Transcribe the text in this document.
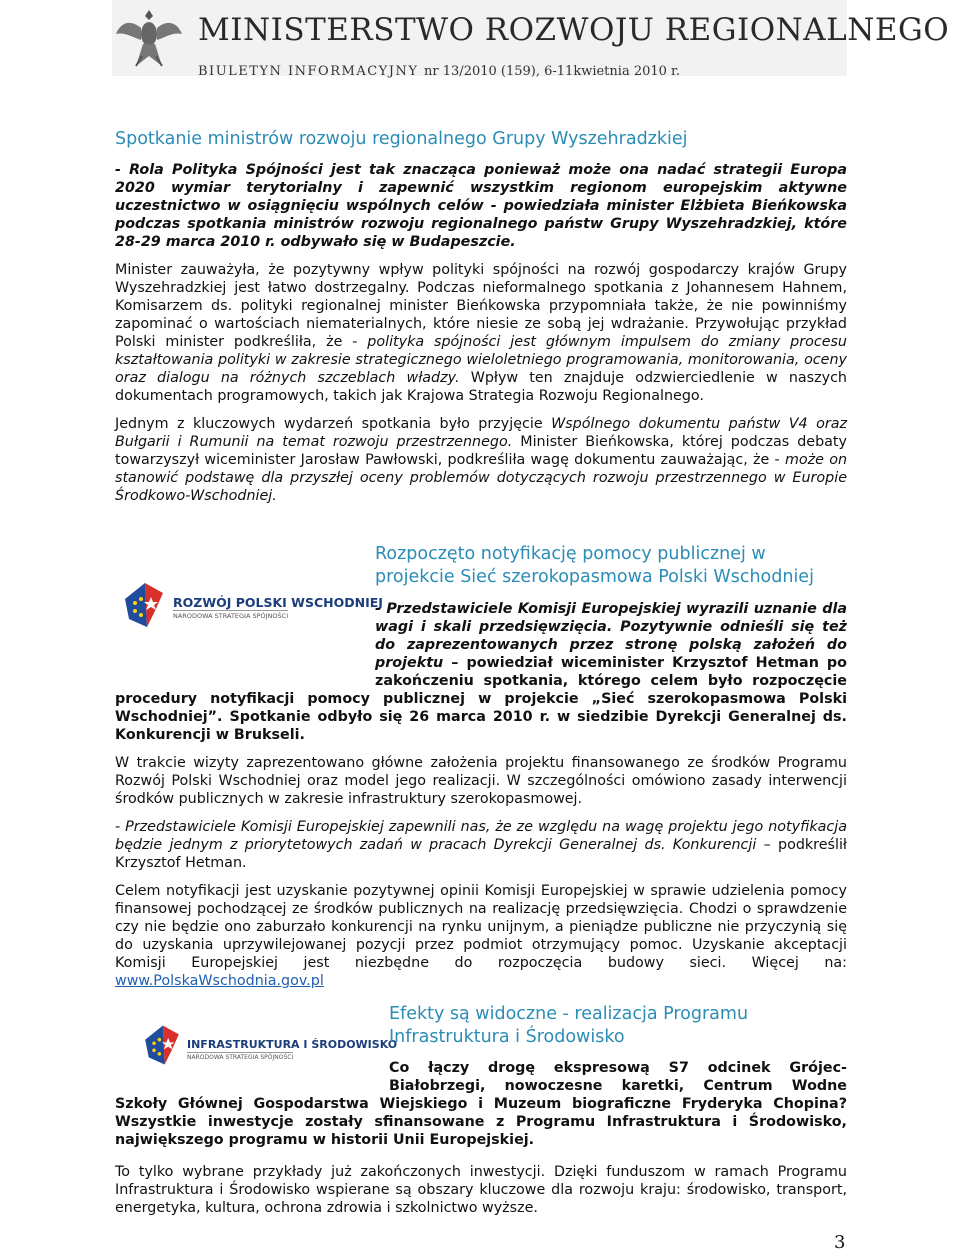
MINISTERSTWO ROZWOJU REGIONALNEGO
BIULETYN INFORMACYJNY nr 13/2010 (159), 6-11kwietnia 2010 r.
Spotkanie ministrów rozwoju regionalnego Grupy Wyszehradzkiej

- Rola Polityka Spójności jest tak znacząca ponieważ może ona nadać strategii Europa 2020 wymiar terytorialny i zapewnić wszystkim regionom europejskim aktywne uczestnictwo w osiągnięciu wspólnych celów - powiedziała minister Elżbieta Bieńkowska podczas spotkania ministrów rozwoju regionalnego państw Grupy Wyszehradzkiej, które 28-29 marca 2010 r. odbywało się w Budapeszcie.

Minister zauważyła, że pozytywny wpływ polityki spójności na rozwój gospodarczy krajów Grupy Wyszehradzkiej jest łatwo dostrzegalny. Podczas nieformalnego spotkania z Johannesem Hahnem, Komisarzem ds. polityki regionalnej minister Bieńkowska przypomniała także, że nie powinniśmy zapominać o wartościach niematerialnych, które niesie ze sobą jej wdrażanie. Przywołując przykład Polski minister podkreśliła, że - polityka spójności jest głównym impulsem do zmiany procesu kształtowania polityki w zakresie strategicznego wieloletniego programowania, monitorowania, oceny oraz dialogu na różnych szczeblach władzy. Wpływ ten znajduje odzwierciedlenie w naszych dokumentach programowych, takich jak Krajowa Strategia Rozwoju Regionalnego.

Jednym z kluczowych wydarzeń spotkania było przyjęcie Wspólnego dokumentu państw V4 oraz Bułgarii i Rumunii na temat rozwoju przestrzennego. Minister Bieńkowska, której podczas debaty towarzyszył wiceminister Jarosław Pawłowski, podkreśliła wagę dokumentu zauważając, że - może on stanowić podstawę dla przyszłej oceny problemów dotyczących rozwoju przestrzennego w Europie Środkowo-Wschodniej.

ROZWÓJ POLSKI WSCHODNIEJ
NARODOWA STRATEGIA SPÓJNOŚCI
Rozpoczęto notyfikację pomocy publicznej w projekcie Sieć szerokopasmowa Polski Wschodniej

- Przedstawiciele Komisji Europejskiej wyrazili uznanie dla wagi i skali przedsięwzięcia. Pozytywnie odnieśli się też do zaprezentowanych przez stronę polską założeń do projektu – powiedział wiceminister Krzysztof Hetman po zakończeniu spotkania, którego celem było rozpoczęcie procedury notyfikacji pomocy publicznej w projekcie „Sieć szerokopasmowa Polski Wschodniej”. Spotkanie odbyło się 26 marca 2010 r. w siedzibie Dyrekcji Generalnej ds. Konkurencji w Brukseli.

W trakcie wizyty zaprezentowano główne założenia projektu finansowanego ze środków Programu Rozwój Polski Wschodniej oraz model jego realizacji. W szczególności omówiono zasady interwencji środków publicznych w zakresie infrastruktury szerokopasmowej.

- Przedstawiciele Komisji Europejskiej zapewnili nas, że ze względu na wagę projektu jego notyfikacja będzie jednym z priorytetowych zadań w pracach Dyrekcji Generalnej ds. Konkurencji – podkreślił Krzysztof Hetman.

Celem notyfikacji jest uzyskanie pozytywnej opinii Komisji Europejskiej w sprawie udzielenia pomocy finansowej pochodzącej ze środków publicznych na realizację przedsięwzięcia. Chodzi o sprawdzenie czy nie będzie ono zaburzało konkurencji na rynku unijnym, a pieniądze publiczne nie przyczynią się do uzyskania uprzywilejowanej pozycji przez podmiot otrzymujący pomoc. Uzyskanie akceptacji Komisji Europejskiej jest niezbędne do rozpoczęcia budowy sieci. Więcej na: www.PolskaWschodnia.gov.pl

INFRASTRUKTURA I ŚRODOWISKO
NARODOWA STRATEGIA SPÓJNOŚCI
Efekty są widoczne - realizacja Programu Infrastruktura i Środowisko

Co łączy drogę ekspresową S7 odcinek Grójec-Białobrzegi, nowoczesne karetki, Centrum Wodne Szkoły Głównej Gospodarstwa Wiejskiego i Muzeum biograficzne Fryderyka Chopina? Wszystkie inwestycje zostały sfinansowane z Programu Infrastruktura i Środowisko, największego programu w historii Unii Europejskiej.

To tylko wybrane przykłady już zakończonych inwestycji. Dzięki funduszom w ramach Programu Infrastruktura i Środowisko wspierane są obszary kluczowe dla rozwoju kraju: środowisko, transport, energetyka, kultura, ochrona zdrowia i szkolnictwo wyższe.

3
